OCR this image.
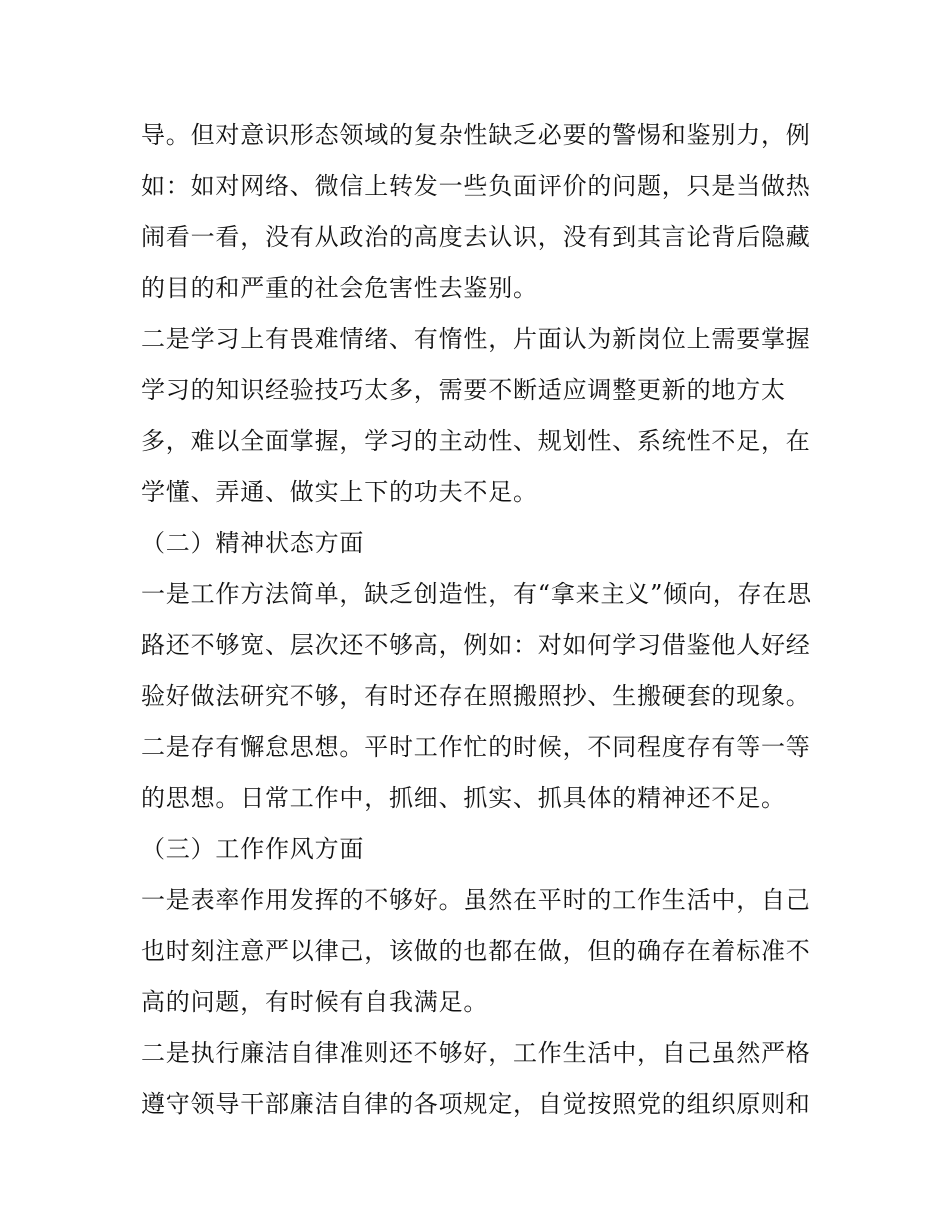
导。但对意识形态领域的复杂性缺乏必要的警惕和鉴别力，例
如：如对网络、微信上转发一些负面评价的问题，只是当做热
闹看一看，没有从政治的高度去认识，没有到其言论背后隐藏
的目的和严重的社会危害性去鉴别。
二是学习上有畏难情绪、有惰性，片面认为新岗位上需要掌握
学习的知识经验技巧太多，需要不断适应调整更新的地方太
多，难以全面掌握，学习的主动性、规划性、系统性不足，在
学懂、弄通、做实上下的功夫不足。
（二）精神状态方面
一是工作方法简单，缺乏创造性，有“拿来主义”倾向，存在思
路还不够宽、层次还不够高，例如：对如何学习借鉴他人好经
验好做法研究不够，有时还存在照搬照抄、生搬硬套的现象。
二是存有懈怠思想。平时工作忙的时候，不同程度存有等一等
的思想。日常工作中，抓细、抓实、抓具体的精神还不足。
（三）工作作风方面
一是表率作用发挥的不够好。虽然在平时的工作生活中，自己
也时刻注意严以律己，该做的也都在做，但的确存在着标准不
高的问题，有时候有自我满足。
二是执行廉洁自律准则还不够好，工作生活中，自己虽然严格
遵守领导干部廉洁自律的各项规定，自觉按照党的组织原则和
